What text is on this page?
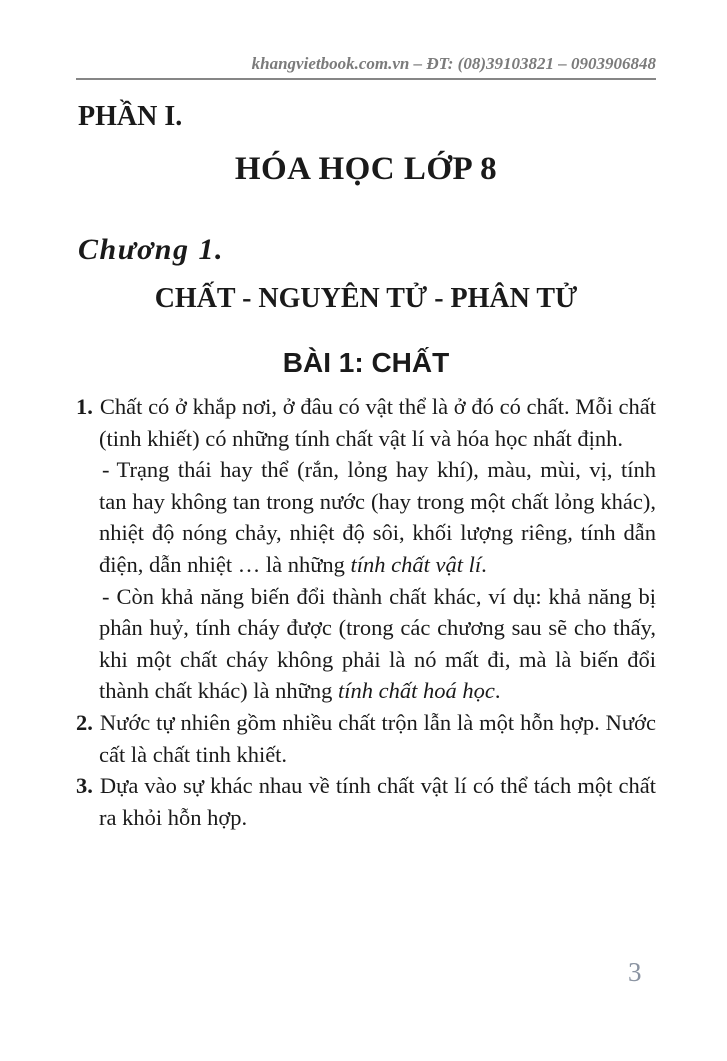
khangvietbook.com.vn – ĐT: (08)39103821 – 0903906848
PHẦN I.
HÓA HỌC LỚP 8
Chương 1.
CHẤT - NGUYÊN TỬ - PHÂN TỬ
BÀI 1: CHẤT

1. Chất có ở khắp nơi, ở đâu có vật thể là ở đó có chất. Mỗi chất (tinh khiết) có những tính chất vật lí và hóa học nhất định.

- Trạng thái hay thể (rắn, lỏng hay khí), màu, mùi, vị, tính tan hay không tan trong nước (hay trong một chất lỏng khác), nhiệt độ nóng chảy, nhiệt độ sôi, khối lượng riêng, tính dẫn điện, dẫn nhiệt … là những tính chất vật lí.

- Còn khả năng biến đổi thành chất khác, ví dụ: khả năng bị phân huỷ, tính cháy được (trong các chương sau sẽ cho thấy, khi một chất cháy không phải là nó mất đi, mà là biến đổi thành chất khác) là những tính chất hoá học.

2. Nước tự nhiên gồm nhiều chất trộn lẫn là một hỗn hợp. Nước cất là chất tinh khiết.

3. Dựa vào sự khác nhau về tính chất vật lí có thể tách một chất ra khỏi hỗn hợp.

3
